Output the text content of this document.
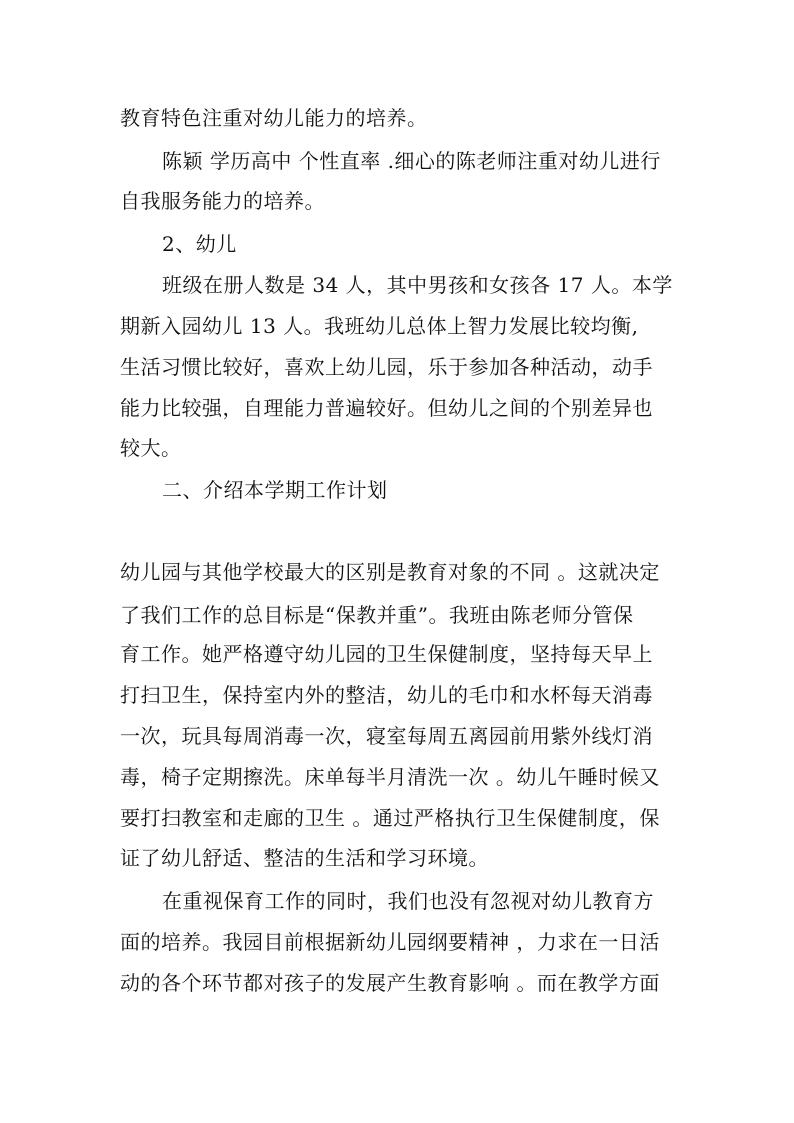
教育特色注重对幼儿能力的培养。
陈颖 学历高中 个性直率 .细心的陈老师注重对幼儿进行
自我服务能力的培养。
2、幼儿
班级在册人数是 34 人，其中男孩和女孩各 17 人。本学
期新入园幼儿 13 人。我班幼儿总体上智力发展比较均衡,
生活习惯比较好，喜欢上幼儿园，乐于参加各种活动，动手
能力比较强，自理能力普遍较好。但幼儿之间的个别差异也
较大。
二、介绍本学期工作计划
幼儿园与其他学校最大的区别是教育对象的不同 。这就决定
了我们工作的总目标是“保教并重”。我班由陈老师分管保
育工作。她严格遵守幼儿园的卫生保健制度，坚持每天早上
打扫卫生，保持室内外的整洁，幼儿的毛巾和水杯每天消毒
一次，玩具每周消毒一次，寝室每周五离园前用紫外线灯消
毒，椅子定期擦洗。床单每半月清洗一次 。幼儿午睡时候又
要打扫教室和走廊的卫生 。通过严格执行卫生保健制度，保
证了幼儿舒适、整洁的生活和学习环境。
在重视保育工作的同时，我们也没有忽视对幼儿教育方
面的培养。我园目前根据新幼儿园纲要精神 ，力求在一日活
动的各个环节都对孩子的发展产生教育影响 。而在教学方面
